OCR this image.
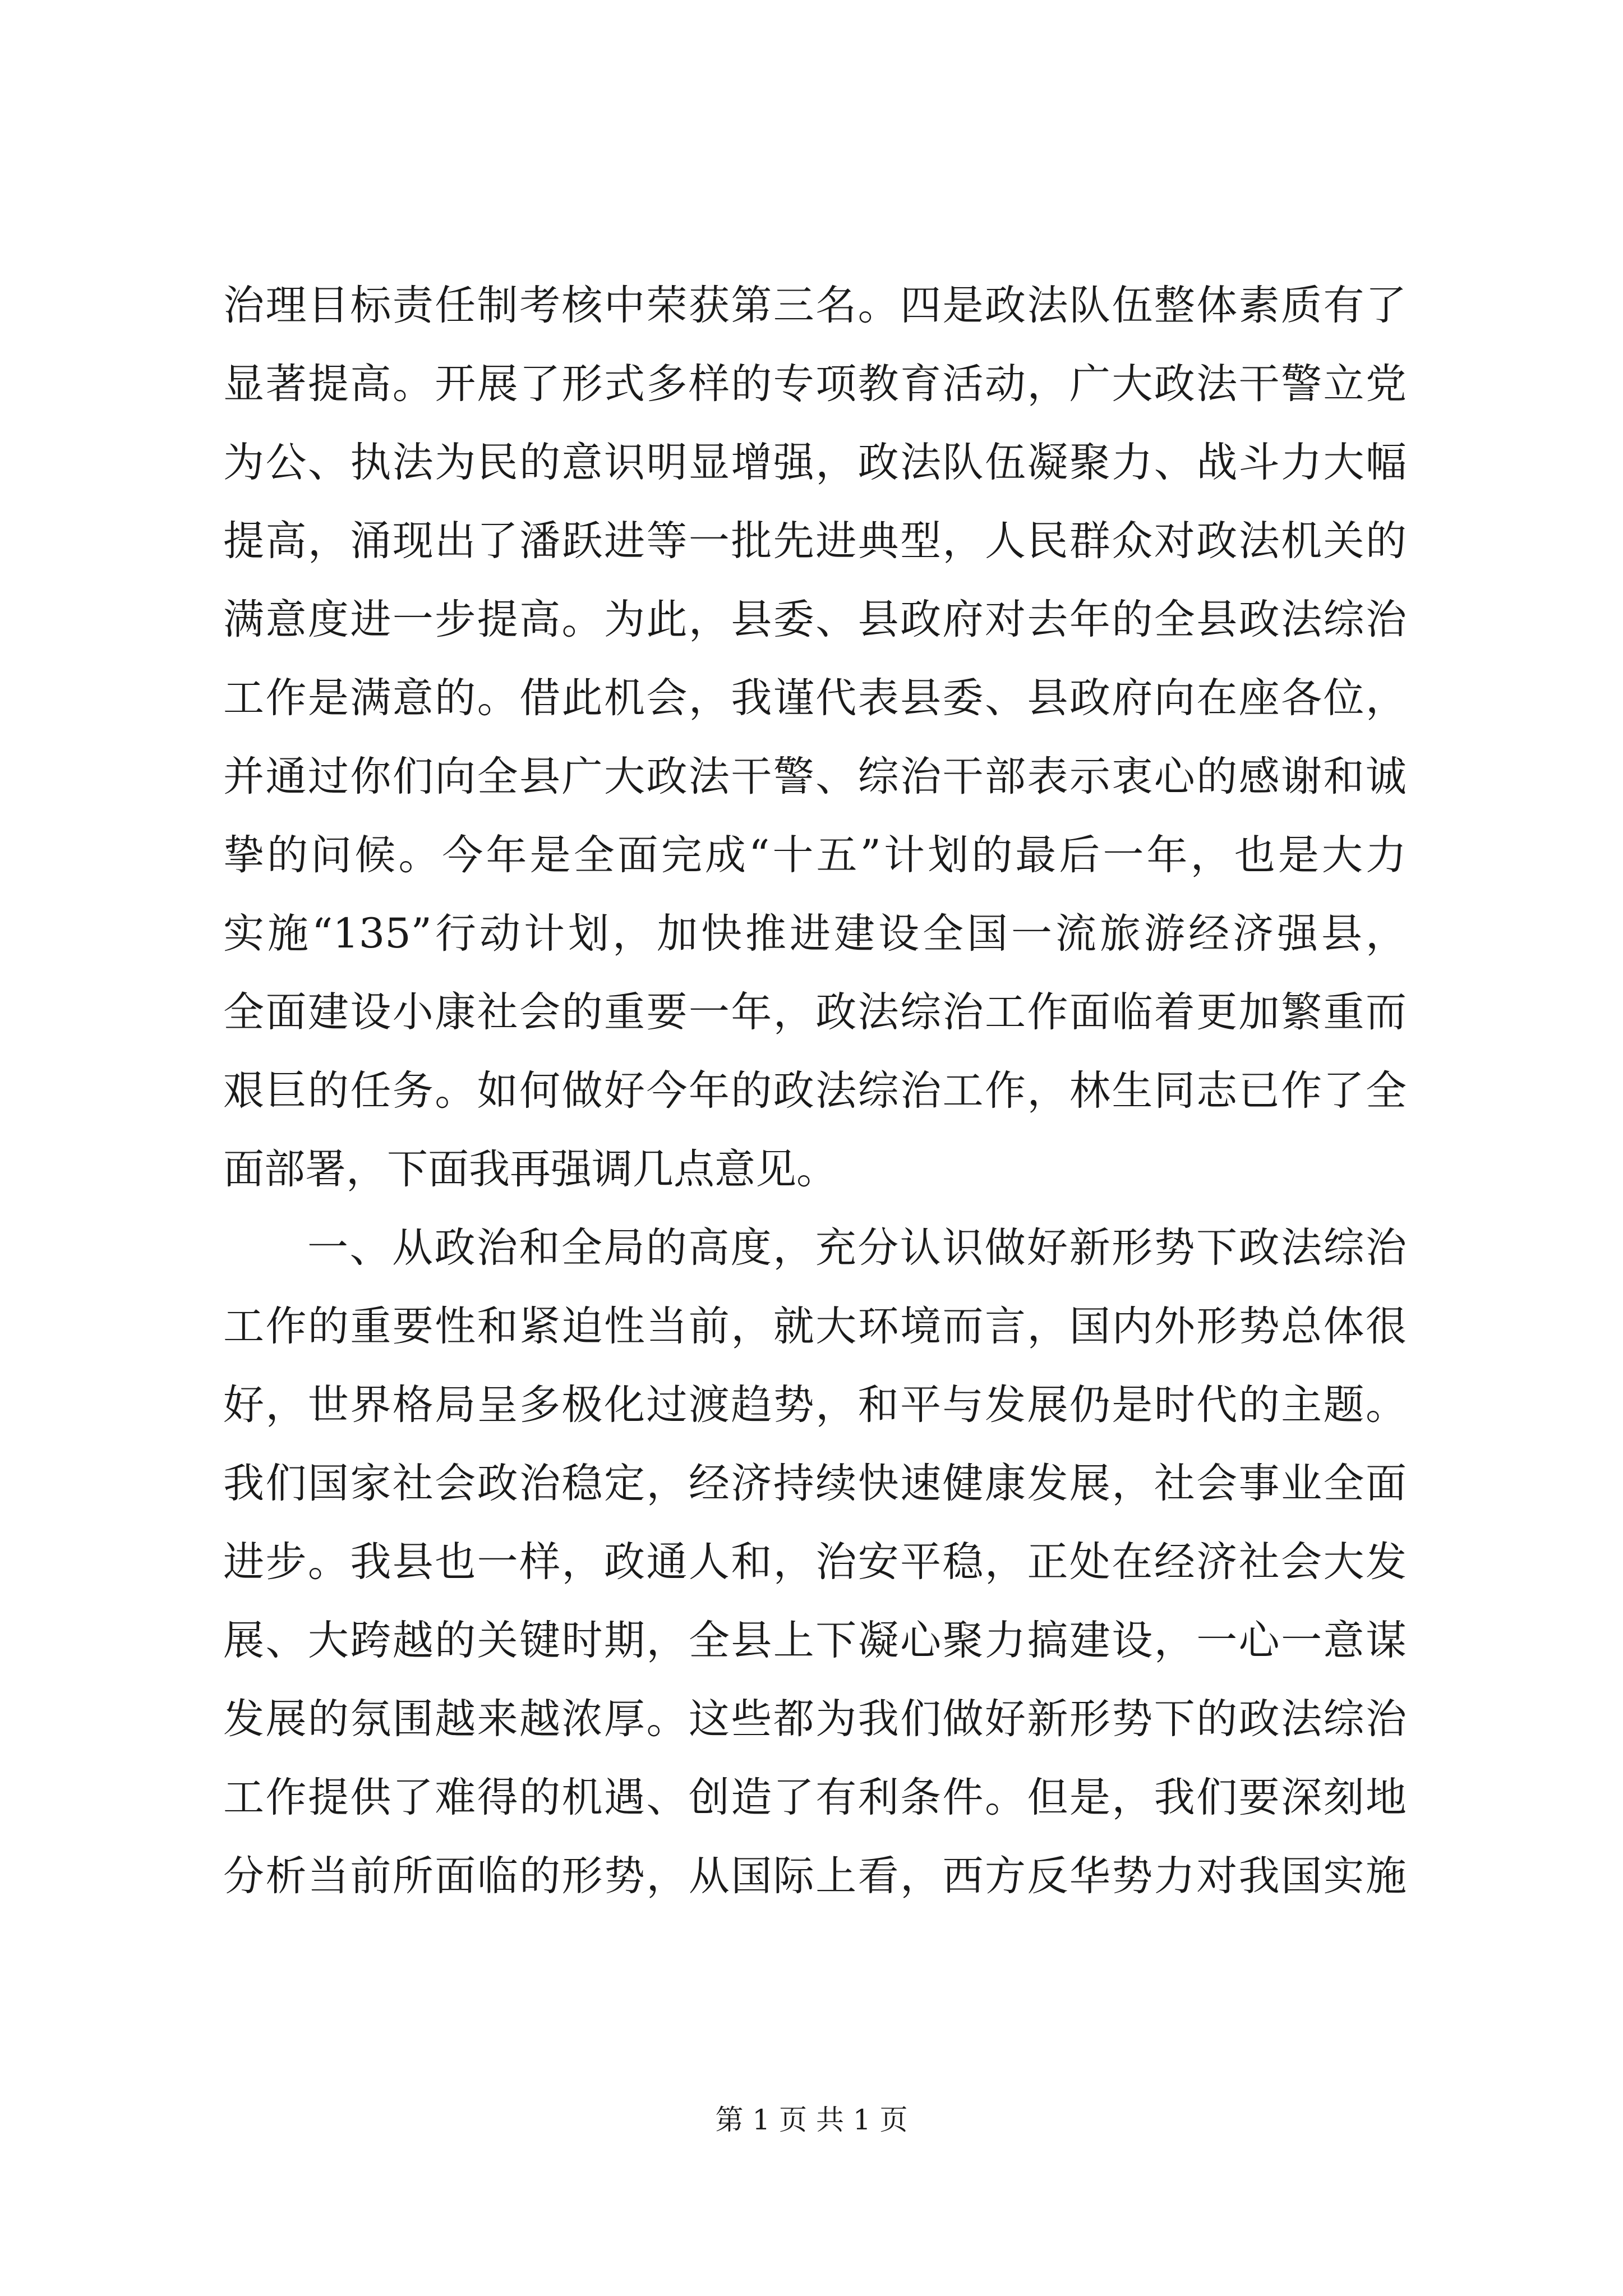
治理目标责任制考核中荣获第三名。四是政法队伍整体素质有了
显著提高。开展了形式多样的专项教育活动，广大政法干警立党
为公、执法为民的意识明显增强，政法队伍凝聚力、战斗力大幅
提高，涌现出了潘跃进等一批先进典型，人民群众对政法机关的
满意度进一步提高。为此，县委、县政府对去年的全县政法综治
工作是满意的。借此机会，我谨代表县委、县政府向在座各位，
并通过你们向全县广大政法干警、综治干部表示衷心的感谢和诚
挚的问候。今年是全面完成“十五”计划的最后一年，也是大力
实施“135”行动计划，加快推进建设全国一流旅游经济强县，
全面建设小康社会的重要一年，政法综治工作面临着更加繁重而
艰巨的任务。如何做好今年的政法综治工作，林生同志已作了全
面部署，下面我再强调几点意见。
一、从政治和全局的高度，充分认识做好新形势下政法综治
工作的重要性和紧迫性当前，就大环境而言，国内外形势总体很
好，世界格局呈多极化过渡趋势，和平与发展仍是时代的主题。
我们国家社会政治稳定，经济持续快速健康发展，社会事业全面
进步。我县也一样，政通人和，治安平稳，正处在经济社会大发
展、大跨越的关键时期，全县上下凝心聚力搞建设，一心一意谋
发展的氛围越来越浓厚。这些都为我们做好新形势下的政法综治
工作提供了难得的机遇、创造了有利条件。但是，我们要深刻地
分析当前所面临的形势，从国际上看，西方反华势力对我国实施
第 1 页 共 1 页
